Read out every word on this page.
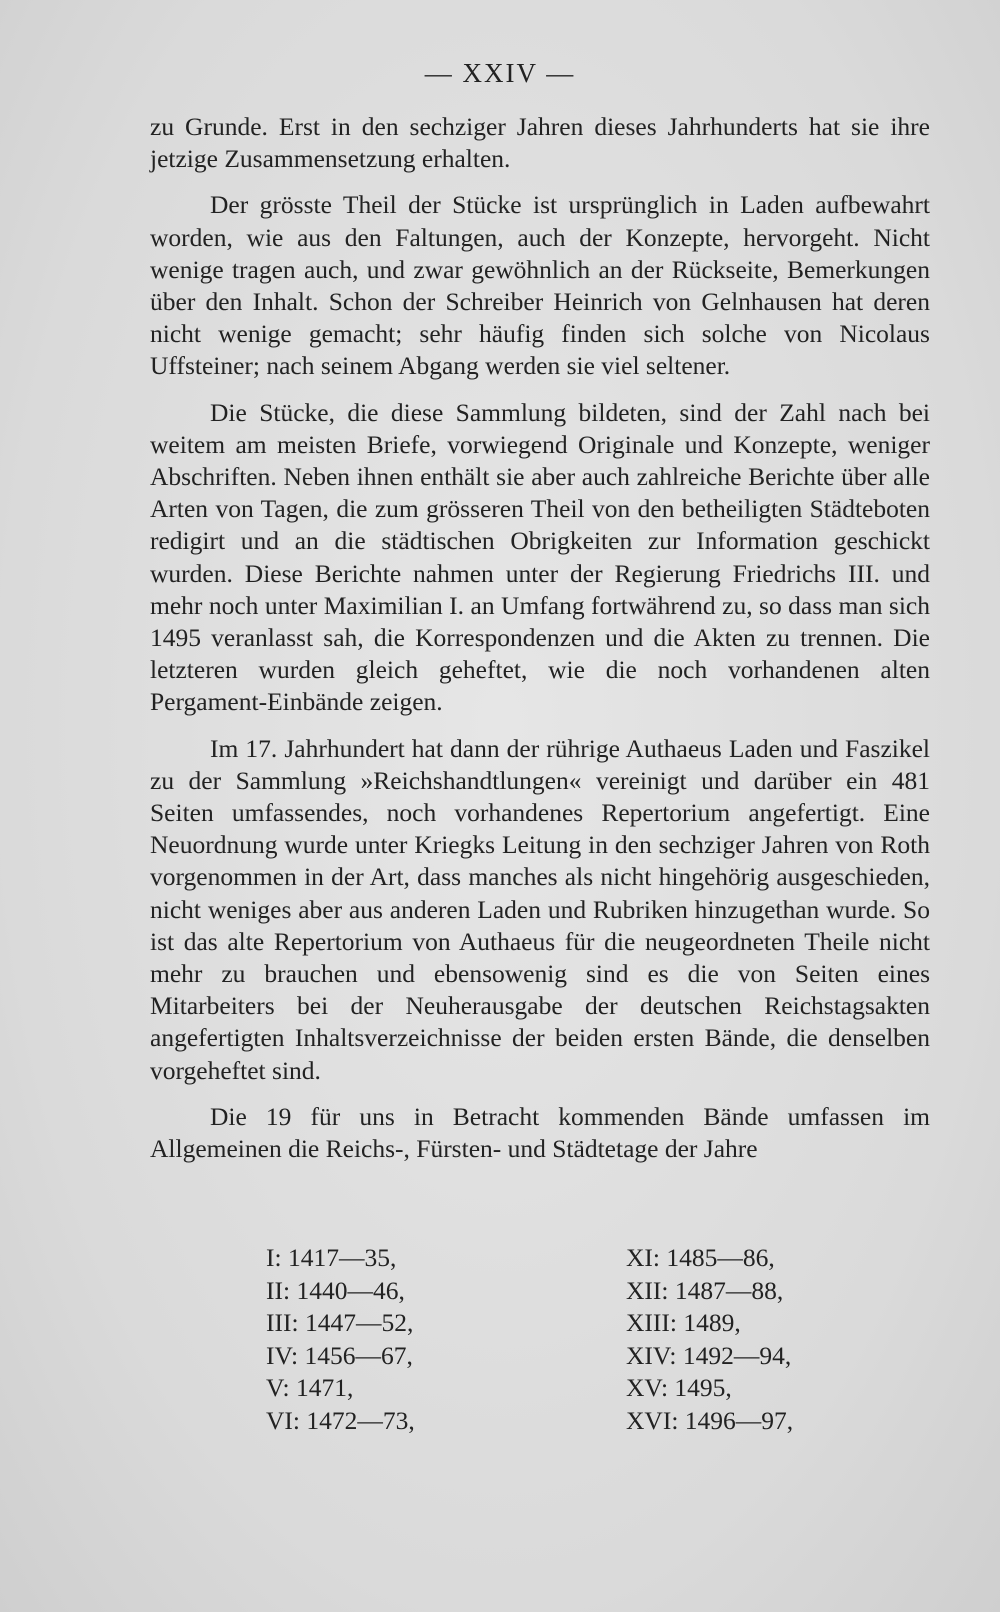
— XXIV —

zu Grunde. Erst in den sechziger Jahren dieses Jahrhunderts hat sie ihre jetzige Zusammensetzung erhalten.

Der grösste Theil der Stücke ist ursprünglich in Laden aufbewahrt worden, wie aus den Faltungen, auch der Konzepte, hervorgeht. Nicht wenige tragen auch, und zwar gewöhnlich an der Rückseite, Bemerkungen über den Inhalt. Schon der Schreiber Heinrich von Gelnhausen hat deren nicht wenige gemacht; sehr häufig finden sich solche von Nicolaus Uffsteiner; nach seinem Abgang werden sie viel seltener.

Die Stücke, die diese Sammlung bildeten, sind der Zahl nach bei weitem am meisten Briefe, vorwiegend Originale und Konzepte, weniger Abschriften. Neben ihnen enthält sie aber auch zahlreiche Berichte über alle Arten von Tagen, die zum grösseren Theil von den betheiligten Städteboten redigirt und an die städtischen Obrigkeiten zur Information geschickt wurden. Diese Berichte nahmen unter der Regierung Friedrichs III. und mehr noch unter Maximilian I. an Umfang fortwährend zu, so dass man sich 1495 veranlasst sah, die Korrespondenzen und die Akten zu trennen. Die letzteren wurden gleich geheftet, wie die noch vorhandenen alten Pergament-Einbände zeigen.

Im 17. Jahrhundert hat dann der rührige Authaeus Laden und Faszikel zu der Sammlung »Reichshandtlungen« vereinigt und darüber ein 481 Seiten umfassendes, noch vorhandenes Repertorium angefertigt. Eine Neuordnung wurde unter Kriegks Leitung in den sechziger Jahren von Roth vorgenommen in der Art, dass manches als nicht hingehörig ausgeschieden, nicht weniges aber aus anderen Laden und Rubriken hinzugethan wurde. So ist das alte Repertorium von Authaeus für die neugeordneten Theile nicht mehr zu brauchen und ebensowenig sind es die von Seiten eines Mitarbeiters bei der Neuherausgabe der deutschen Reichstagsakten angefertigten Inhaltsverzeichnisse der beiden ersten Bände, die denselben vorgeheftet sind.

Die 19 für uns in Betracht kommenden Bände umfassen im Allgemeinen die Reichs-, Fürsten- und Städtetage der Jahre

I: 1417—35,
II: 1440—46,
III: 1447—52,
IV: 1456—67,
V: 1471,
VI: 1472—73,
XI: 1485—86,
XII: 1487—88,
XIII: 1489,
XIV: 1492—94,
XV: 1495,
XVI: 1496—97,
